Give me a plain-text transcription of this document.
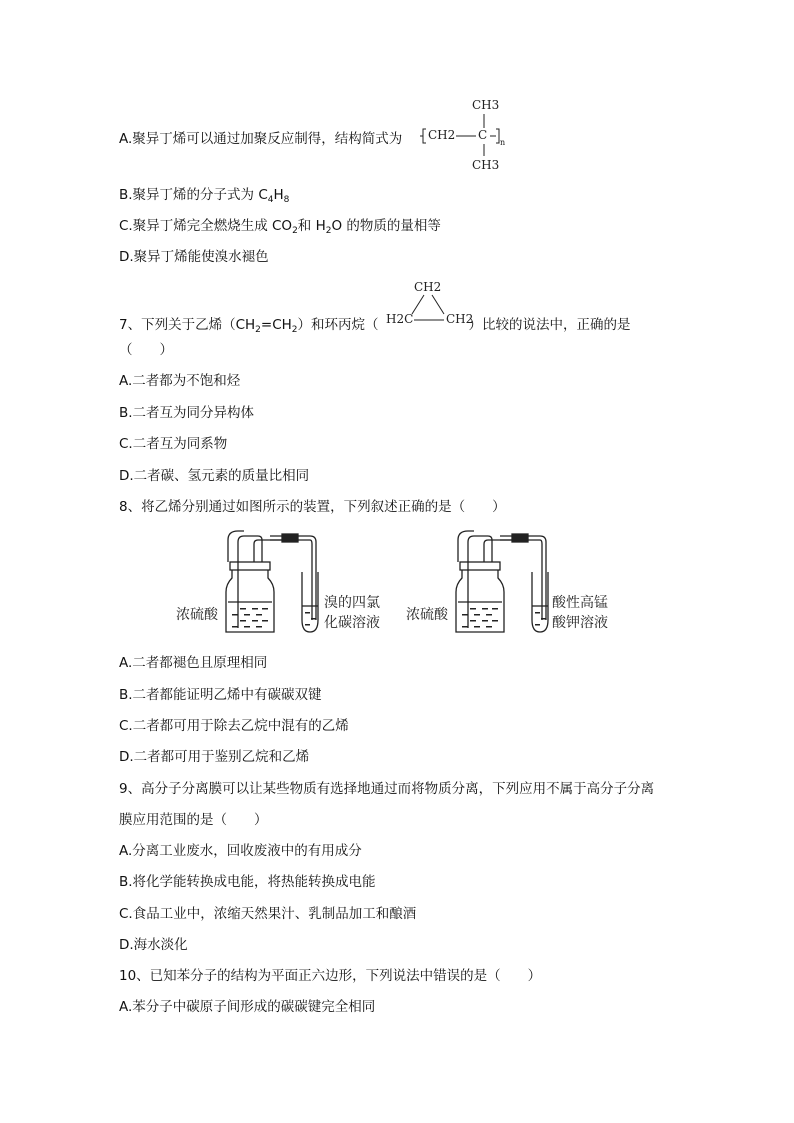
A.聚异丁烯可以通过加聚反应制得，结构简式为
CH3
CH2 C
n
CH3
B.聚异丁烯的分子式为 $C_4H_8$
C.聚异丁烯完全燃烧生成 $CO_2$和 $H_2O$ 的物质的量相等
D.聚异丁烯能使溴水褪色
7、下列关于乙烯$(CH_2=CH_2)$和环丙烷（	）比较的说法中，正确的是
CH2
H2C	CH2
（　　）
A.二者都为不饱和烃
B.二者互为同分异构体
C.二者互为同系物
D.二者碳、氢元素的质量比相同
8、将乙烯分别通过如图所示的装置，下列叙述正确的是（　　）
浓硫酸
溴的四氯
化碳溶液 浓硫酸
酸性高锰
酸钾溶液
A.二者都褪色且原理相同
B.二者都能证明乙烯中有碳碳双键
C.二者都可用于除去乙烷中混有的乙烯
D.二者都可用于鉴别乙烷和乙烯
9、高分子分离膜可以让某些物质有选择地通过而将物质分离，下列应用不属于高分子分离
膜应用范围的是（　　）
A.分离工业废水，回收废液中的有用成分
B.将化学能转换成电能，将热能转换成电能
C.食品工业中，浓缩天然果汁、乳制品加工和酿酒
D.海水淡化
10、已知苯分子的结构为平面正六边形，下列说法中错误的是（　　）
A.苯分子中碳原子间形成的碳碳键完全相同
